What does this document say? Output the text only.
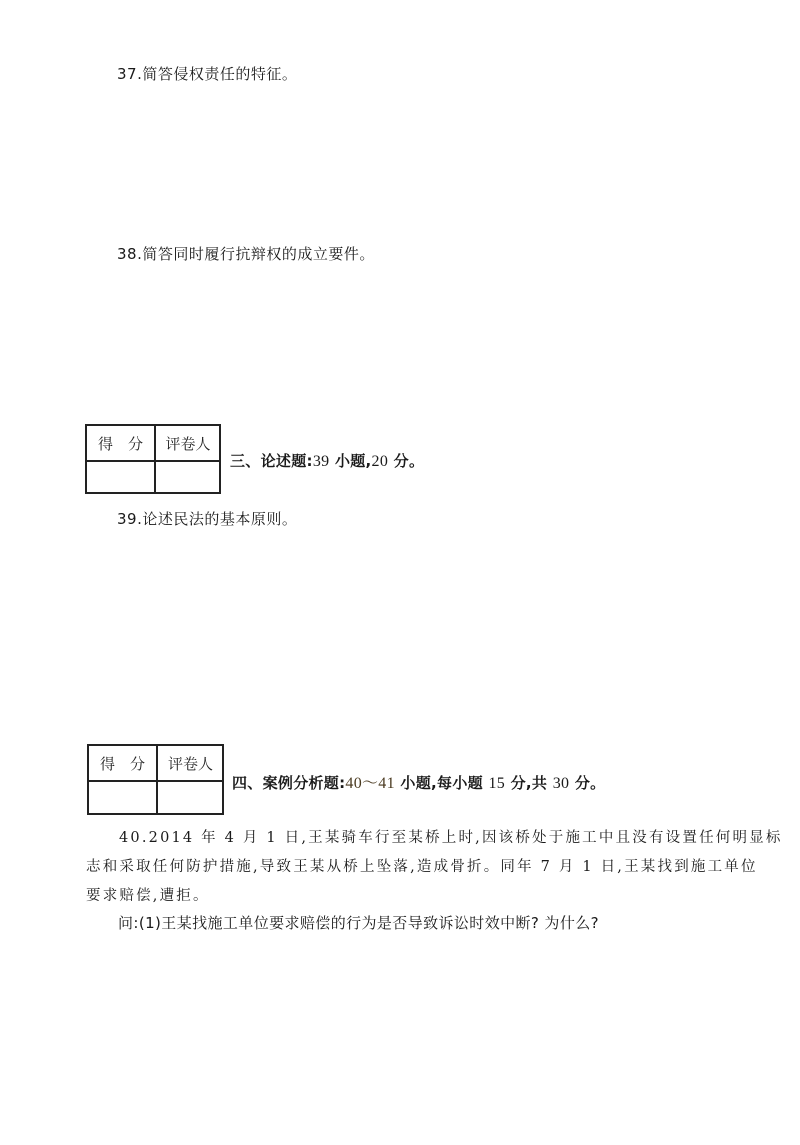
37.简答侵权责任的特征。
38.简答同时履行抗辩权的成立要件。
得　分	评卷人
三、论述题:39 小题,20 分。
39.论述民法的基本原则。
得　分	评卷人
四、案例分析题:40～41 小题,每小题 15 分,共 30 分。
40.2014 年 4 月 1 日,王某骑车行至某桥上时,因该桥处于施工中且没有设置任何明显标
志和采取任何防护措施,导致王某从桥上坠落,造成骨折。同年 7 月 1 日,王某找到施工单位
要求赔偿,遭拒。
问:(1)王某找施工单位要求赔偿的行为是否导致诉讼时效中断? 为什么?
